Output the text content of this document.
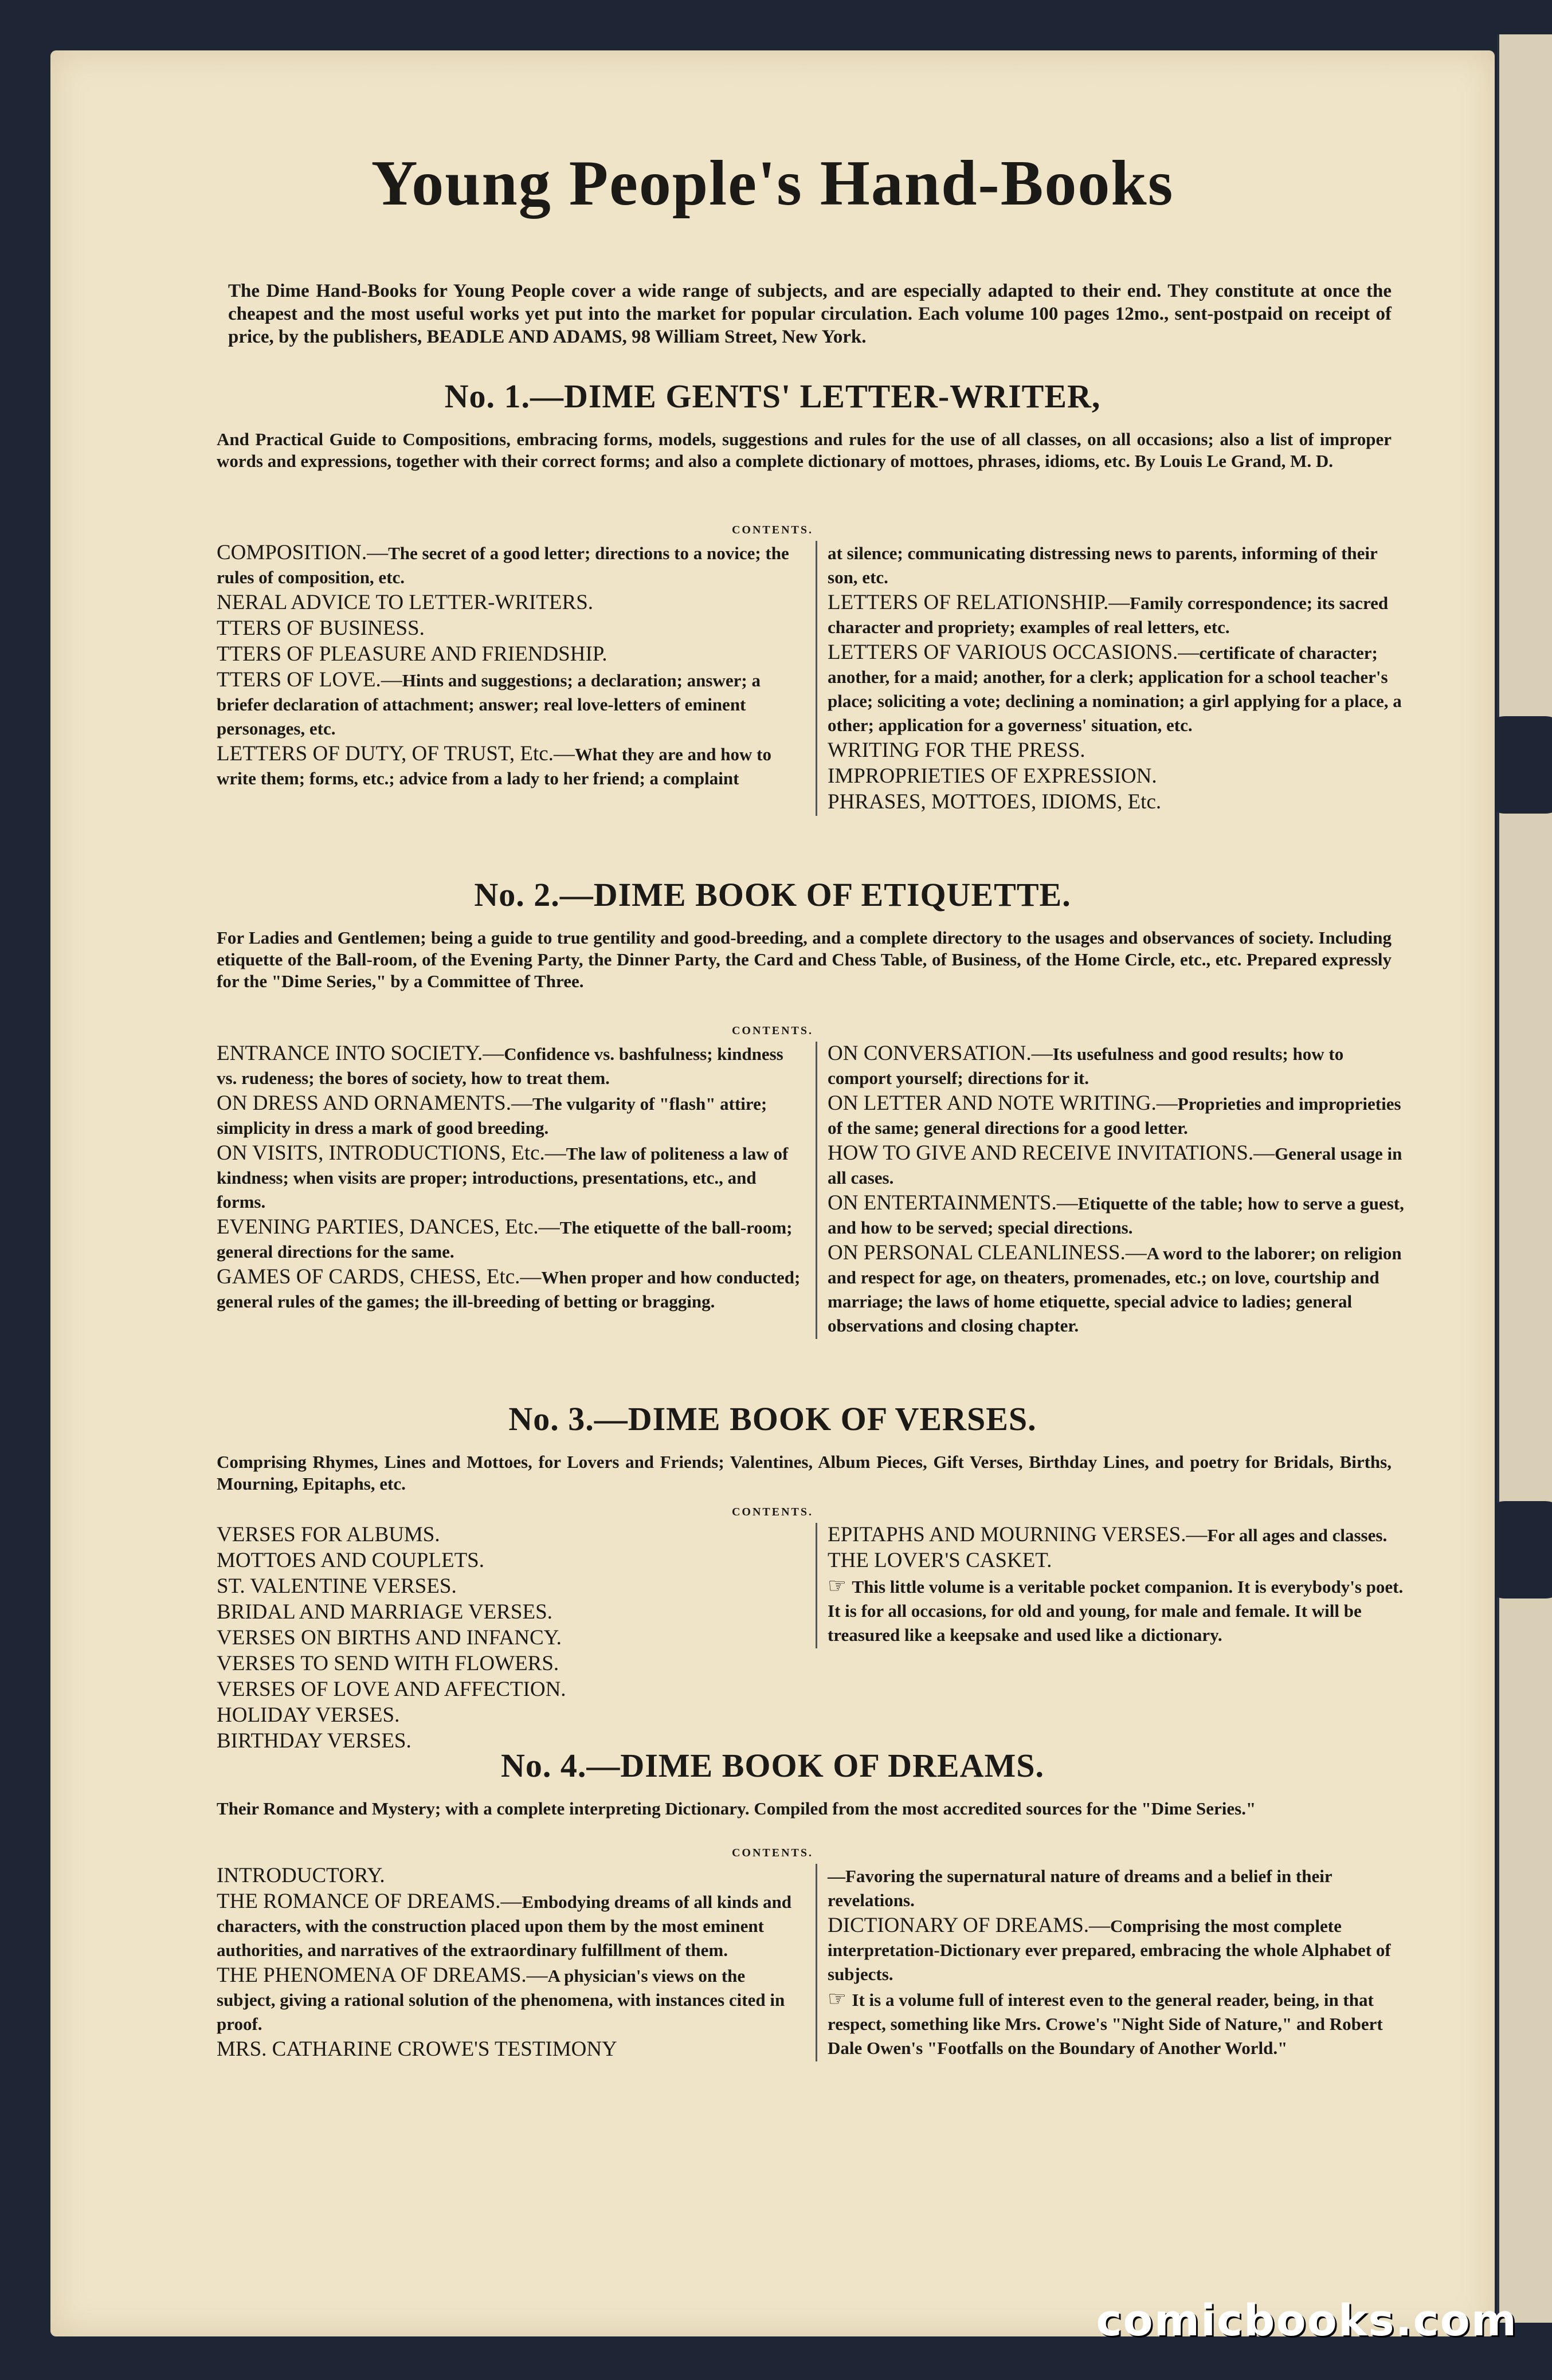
Young People's Hand-Books
The Dime Hand-Books for Young People cover a wide range of subjects, and are especially adapted to their end. They constitute at once the cheapest and the most useful works yet put into the market for popular circulation. Each volume 100 pages 12mo., sent-postpaid on receipt of price, by the publishers, BEADLE AND ADAMS, 98 William Street, New York.
No. 1.—DIME GENTS' LETTER-WRITER,
And Practical Guide to Compositions, embracing forms, models, suggestions and rules for the use of all classes, on all occasions; also a list of improper words and expressions, together with their correct forms; and also a complete dictionary of mottoes, phrases, idioms, etc. By Louis Le Grand, M. D.
CONTENTS.
COMPOSITION.—The secret of a good letter; directions to a novice; the rules of composition, etc.
NERAL ADVICE TO LETTER-WRITERS.
TTERS OF BUSINESS.
TTERS OF PLEASURE AND FRIENDSHIP.
TTERS OF LOVE.—Hints and suggestions; a declaration; answer; a briefer declaration of attachment; answer; real love-letters of eminent personages, etc.
LETTERS OF DUTY, OF TRUST, Etc.—What they are and how to write them; forms, etc.; advice from a lady to her friend; a complaint
at silence; communicating distressing news to parents, informing of their son, etc.
LETTERS OF RELATIONSHIP.—Family correspondence; its sacred character and propriety; examples of real letters, etc.
LETTERS OF VARIOUS OCCASIONS.—certificate of character; another, for a maid; another, for a clerk; application for a school teacher's place; soliciting a vote; declining a nomination; a girl applying for a place, a other; application for a governess' situation, etc.
WRITING FOR THE PRESS.
IMPROPRIETIES OF EXPRESSION.
PHRASES, MOTTOES, IDIOMS, Etc.
No. 2.—DIME BOOK OF ETIQUETTE.
For Ladies and Gentlemen; being a guide to true gentility and good-breeding, and a complete directory to the usages and observances of society. Including etiquette of the Ball-room, of the Evening Party, the Dinner Party, the Card and Chess Table, of Business, of the Home Circle, etc., etc. Prepared expressly for the "Dime Series," by a Committee of Three.
CONTENTS.
ENTRANCE INTO SOCIETY.—Confidence vs. bashfulness; kindness vs. rudeness; the bores of society, how to treat them.
ON DRESS AND ORNAMENTS.—The vulgarity of "flash" attire; simplicity in dress a mark of good breeding.
ON VISITS, INTRODUCTIONS, Etc.—The law of politeness a law of kindness; when visits are proper; introductions, presentations, etc., and forms.
EVENING PARTIES, DANCES, Etc.—The etiquette of the ball-room; general directions for the same.
GAMES OF CARDS, CHESS, Etc.—When proper and how conducted; general rules of the games; the ill-breeding of betting or bragging.
ON CONVERSATION.—Its usefulness and good results; how to comport yourself; directions for it.
ON LETTER AND NOTE WRITING.—Proprieties and improprieties of the same; general directions for a good letter.
HOW TO GIVE AND RECEIVE INVITATIONS.—General usage in all cases.
ON ENTERTAINMENTS.—Etiquette of the table; how to serve a guest, and how to be served; special directions.
ON PERSONAL CLEANLINESS.—A word to the laborer; on religion and respect for age, on theaters, promenades, etc.; on love, courtship and marriage; the laws of home etiquette, special advice to ladies; general observations and closing chapter.
No. 3.—DIME BOOK OF VERSES.
Comprising Rhymes, Lines and Mottoes, for Lovers and Friends; Valentines, Album Pieces, Gift Verses, Birthday Lines, and poetry for Bridals, Births, Mourning, Epitaphs, etc.
CONTENTS.
VERSES FOR ALBUMS.
MOTTOES AND COUPLETS.
ST. VALENTINE VERSES.
BRIDAL AND MARRIAGE VERSES.
VERSES ON BIRTHS AND INFANCY.
VERSES TO SEND WITH FLOWERS.
VERSES OF LOVE AND AFFECTION.
HOLIDAY VERSES.
BIRTHDAY VERSES.
EPITAPHS AND MOURNING VERSES.—For all ages and classes.
THE LOVER'S CASKET.
☞ This little volume is a veritable pocket companion. It is everybody's poet. It is for all occasions, for old and young, for male and female. It will be treasured like a keepsake and used like a dictionary.
No. 4.—DIME BOOK OF DREAMS.
Their Romance and Mystery; with a complete interpreting Dictionary. Compiled from the most accredited sources for the "Dime Series."
CONTENTS.
INTRODUCTORY.
THE ROMANCE OF DREAMS.—Embodying dreams of all kinds and characters, with the construction placed upon them by the most eminent authorities, and narratives of the extraordinary fulfillment of them.
THE PHENOMENA OF DREAMS.—A physician's views on the subject, giving a rational solution of the phenomena, with instances cited in proof.
MRS. CATHARINE CROWE'S TESTIMONY
—Favoring the supernatural nature of dreams and a belief in their revelations.
DICTIONARY OF DREAMS.—Comprising the most complete interpretation-Dictionary ever prepared, embracing the whole Alphabet of subjects.
☞ It is a volume full of interest even to the general reader, being, in that respect, something like Mrs. Crowe's "Night Side of Nature," and Robert Dale Owen's "Footfalls on the Boundary of Another World."
comicbooks.com
